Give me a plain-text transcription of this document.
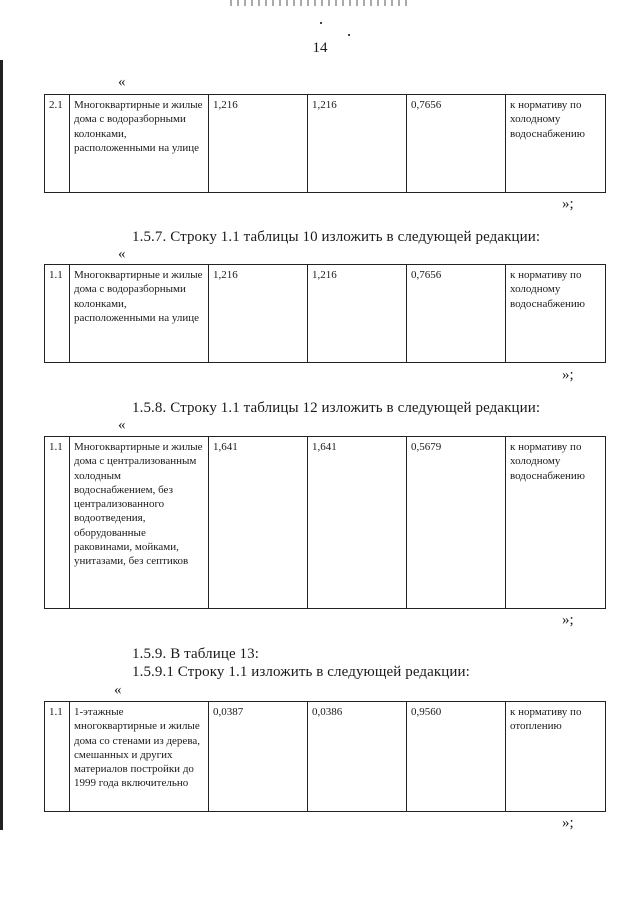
14
«
2.1	Многоквартирные и жилые дома с водоразборными колонками, расположенными на улице	1,216	1,216	0,7656	к нормативу по холодному водоснабжению
»;
1.5.7. Строку 1.1 таблицы 10 изложить в следующей редакции:
«
1.1	Многоквартирные и жилые дома с водоразборными колонками, расположенными на улице	1,216	1,216	0,7656	к нормативу по холодному водоснабжению
»;
1.5.8. Строку 1.1 таблицы 12 изложить в следующей редакции:
«
1.1	Многоквартирные и жилые дома с централизованным холодным водоснабжением, без централизованного водоотведения, оборудованные раковинами, мойками, унитазами, без септиков	1,641	1,641	0,5679	к нормативу по холодному водоснабжению
»;
1.5.9. В таблице 13:
1.5.9.1 Строку 1.1 изложить в следующей редакции:
«
1.1	1-этажные многоквартирные и жилые дома со стенами из дерева, смешанных и других материалов постройки до 1999 года включительно	0,0387	0,0386	0,9560	к нормативу по отоплению
»;
